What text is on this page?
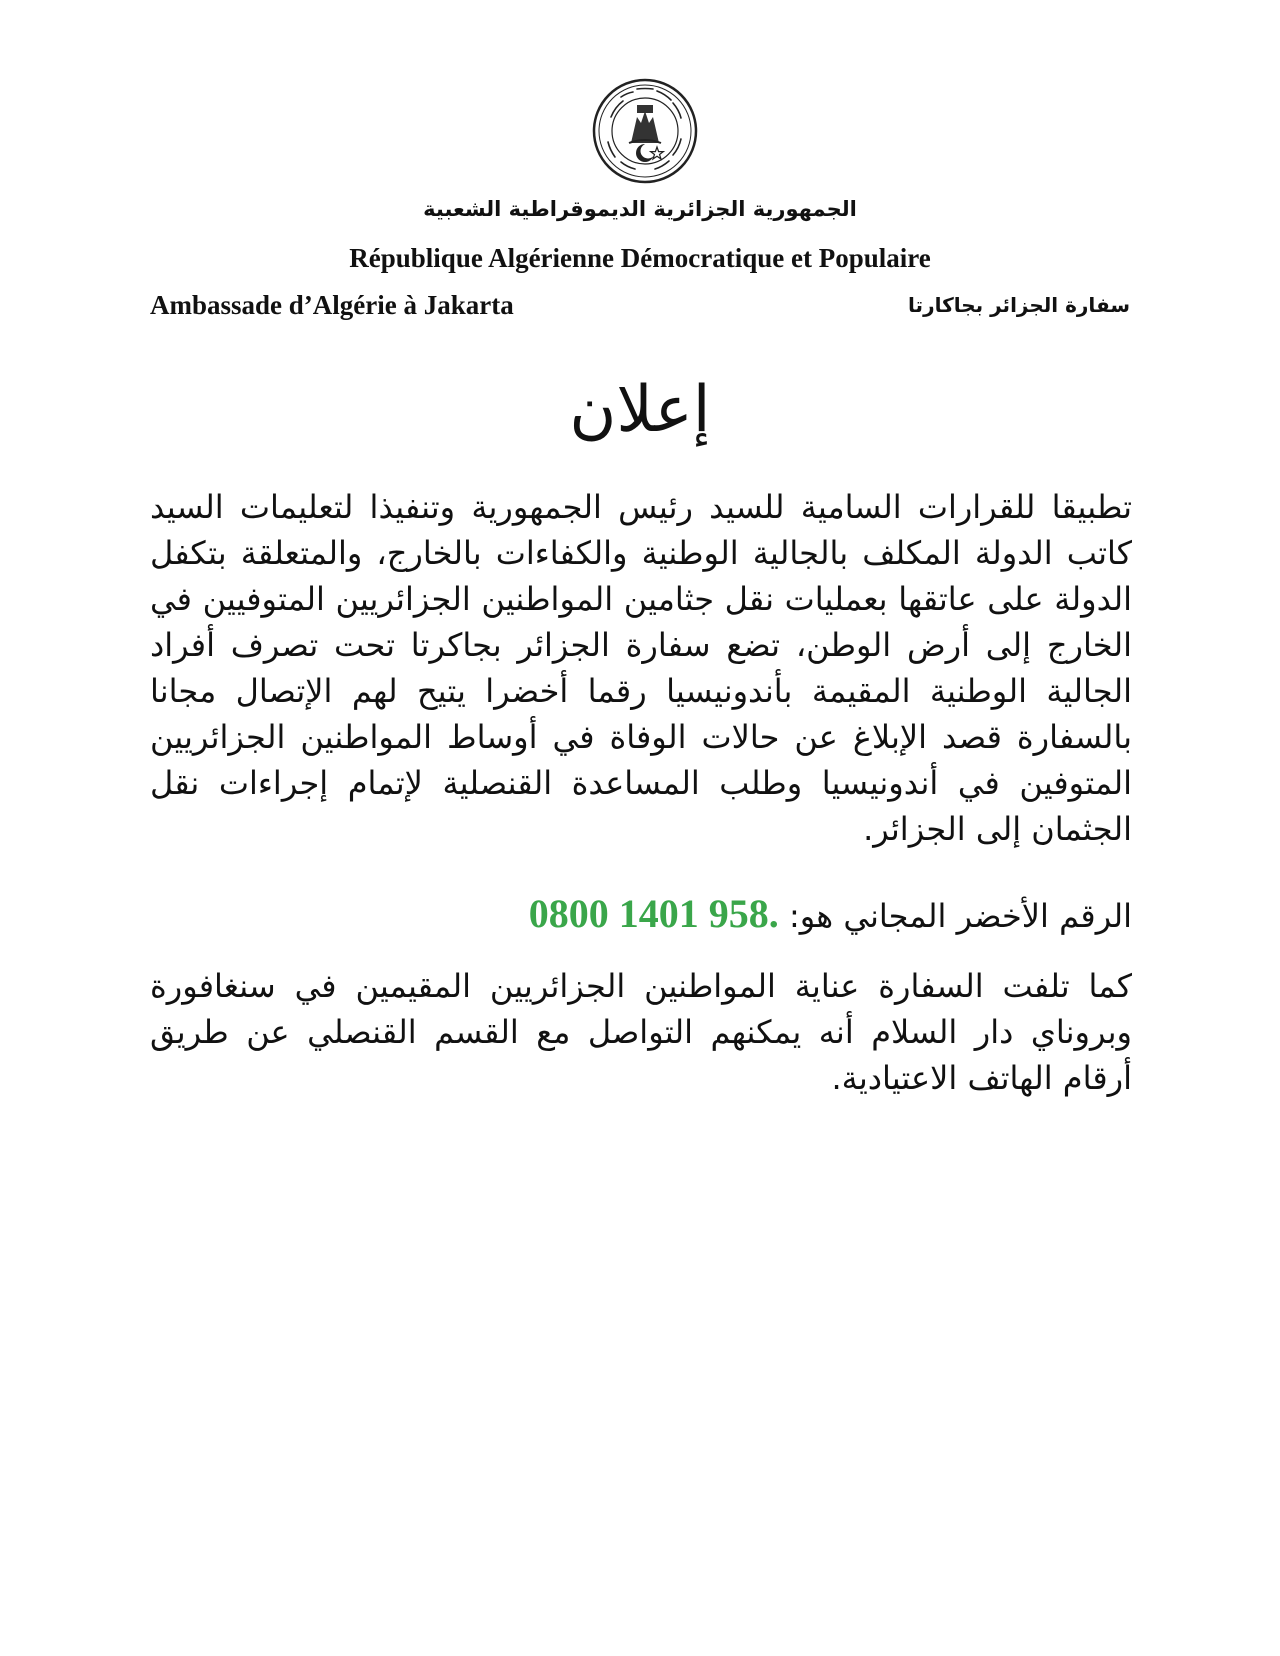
الجمهورية الجزائرية الديموقراطية الشعبية
République Algérienne Démocratique et Populaire
Ambassade d’Algérie à Jakarta	سفارة الجزائر بجاكارتا
إعلان

تطبيقا للقرارات السامية للسيد رئيس الجمهورية وتنفيذا لتعليمات السيد كاتب الدولة المكلف بالجالية الوطنية والكفاءات بالخارج، والمتعلقة بتكفل الدولة على عاتقها بعمليات نقل جثامين المواطنين الجزائريين المتوفيين في الخارج إلى أرض الوطن، تضع سفارة الجزائر بجاكرتا تحت تصرف أفراد الجالية الوطنية المقيمة بأندونيسيا رقما أخضرا يتيح لهم الإتصال مجانا بالسفارة قصد الإبلاغ عن حالات الوفاة في أوساط المواطنين الجزائريين المتوفين في أندونيسيا وطلب المساعدة القنصلية لإتمام إجراءات نقل الجثمان إلى الجزائر.

الرقم الأخضر المجاني هو: 0800 1401 958.

كما تلفت السفارة عناية المواطنين الجزائريين المقيمين في سنغافورة وبروناي دار السلام أنه يمكنهم التواصل مع القسم القنصلي عن طريق أرقام الهاتف الاعتيادية.
